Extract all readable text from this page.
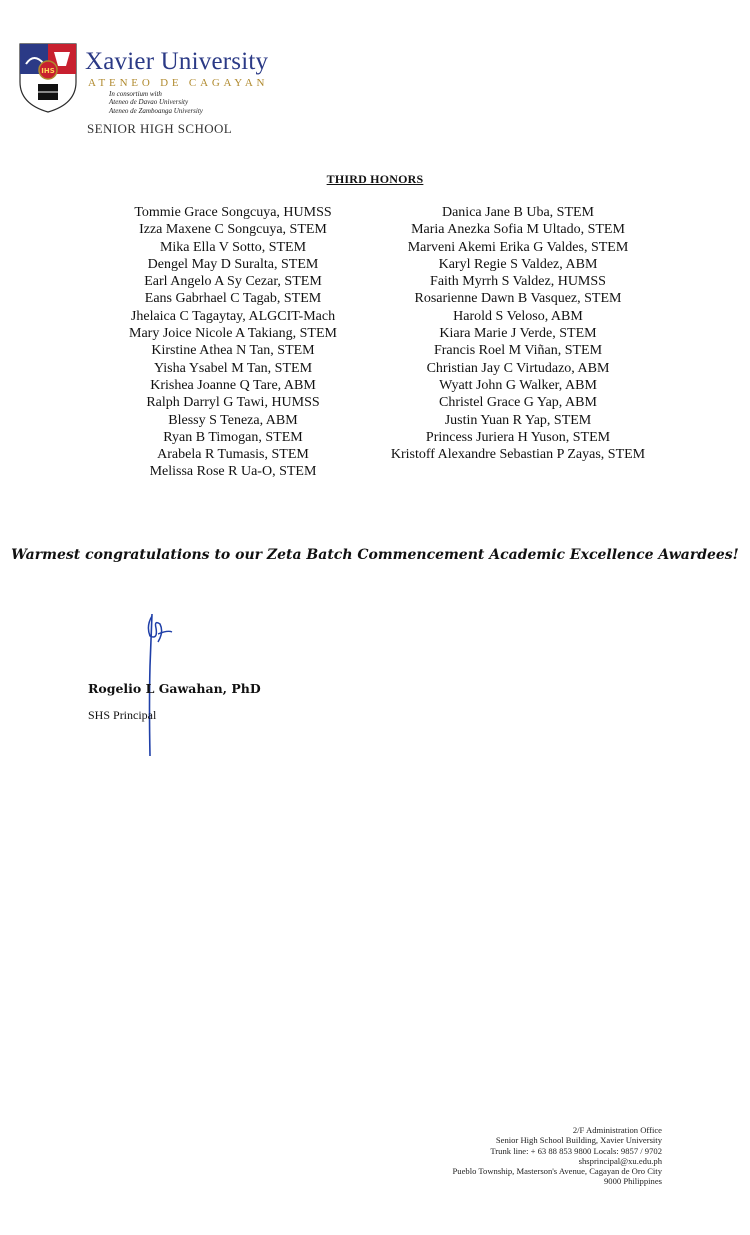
IHS Xavier University
ATENEO DE CAGAYAN
In consortium with
Ateneo de Davao University
Ateneo de Zamboanga University
SENIOR HIGH SCHOOL
THIRD HONORS
Tommie Grace Songcuya, HUMSS
Izza Maxene C Songcuya, STEM
Mika Ella V Sotto, STEM
Dengel May D Suralta, STEM
Earl Angelo A Sy Cezar, STEM
Eans Gabrhael C Tagab, STEM
Jhelaica C Tagaytay, ALGCIT-Mach
Mary Joice Nicole A Takiang, STEM
Kirstine Athea N Tan, STEM
Yisha Ysabel M Tan, STEM
Krishea Joanne Q Tare, ABM
Ralph Darryl G Tawi, HUMSS
Blessy S Teneza, ABM
Ryan B Timogan, STEM
Arabela R Tumasis, STEM
Melissa Rose R Ua-O, STEM
Danica Jane B Uba, STEM
Maria Anezka Sofia M Ultado, STEM
Marveni Akemi Erika G Valdes, STEM
Karyl Regie S Valdez, ABM
Faith Myrrh S Valdez, HUMSS
Rosarienne Dawn B Vasquez, STEM
Harold S Veloso, ABM
Kiara Marie J Verde, STEM
Francis Roel M Viñan, STEM
Christian Jay C Virtudazo, ABM
Wyatt John G Walker, ABM
Christel Grace G Yap, ABM
Justin Yuan R Yap, STEM
Princess Juriera H Yuson, STEM
Kristoff Alexandre Sebastian P Zayas, STEM
Warmest congratulations to our Zeta Batch Commencement Academic Excellence Awardees!
Rogelio L Gawahan, PhD
SHS Principal
2/F Administration Office
Senior High School Building, Xavier University
Trunk line: + 63 88 853 9800 Locals: 9857 / 9702
shsprincipal@xu.edu.ph
Pueblo Township, Masterson's Avenue, Cagayan de Oro City
9000 Philippines
